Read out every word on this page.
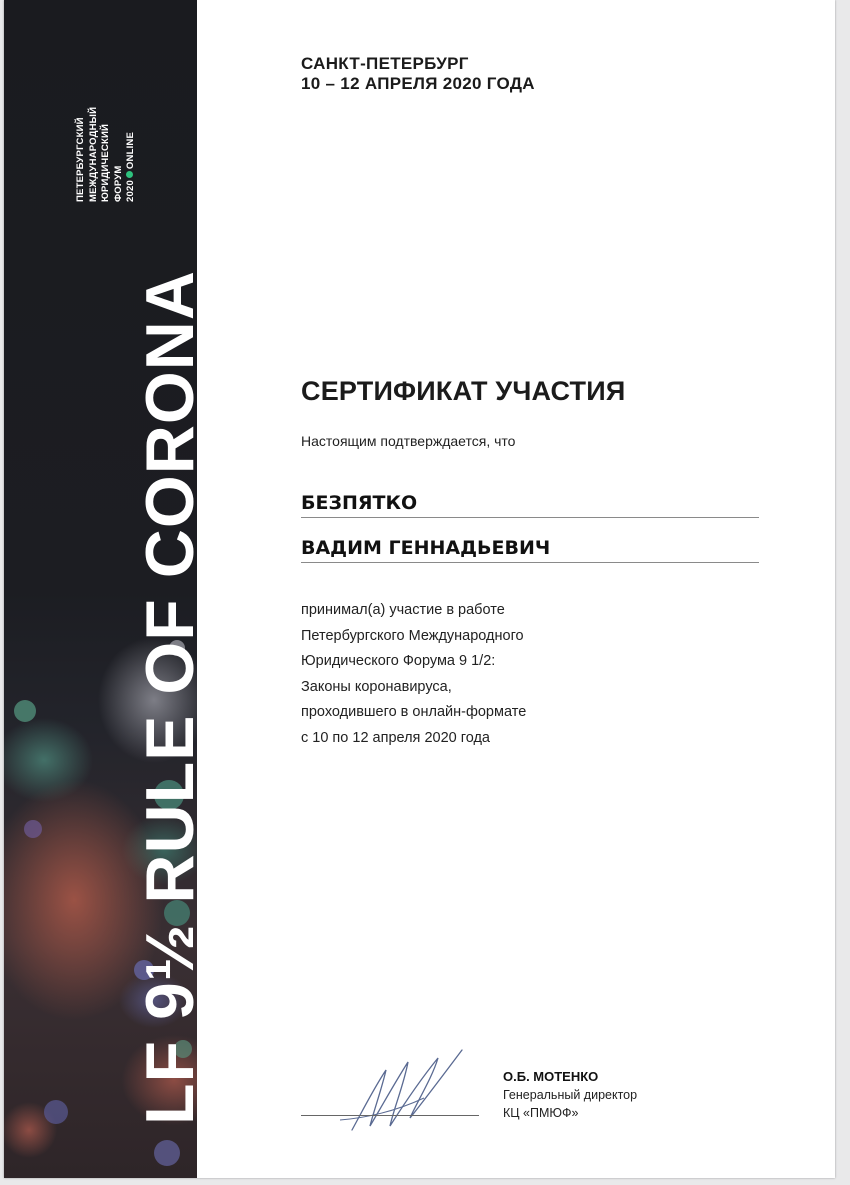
LF 9½ RULE OF CORONA
ПЕТЕРБУРГСКИЙ МЕЖДУНАРОДНЫЙ ЮРИДИЧЕСКИЙ ФОРУМ 2020ONLINE
САНКТ-ПЕТЕРБУРГ
10 – 12 АПРЕЛЯ 2020 ГОДА
СЕРТИФИКАТ УЧАСТИЯ
Настоящим подтверждается, что
БЕЗПЯТКО
ВАДИМ ГЕННАДЬЕВИЧ
принимал(а) участие в работе
Петербургского Международного
Юридического Форума 9 1/2:
Законы коронавируса,
проходившего в онлайн-формате
с 10 по 12 апреля 2020 года
О.Б. МОТЕНКО
Генеральный директор
КЦ «ПМЮФ»
